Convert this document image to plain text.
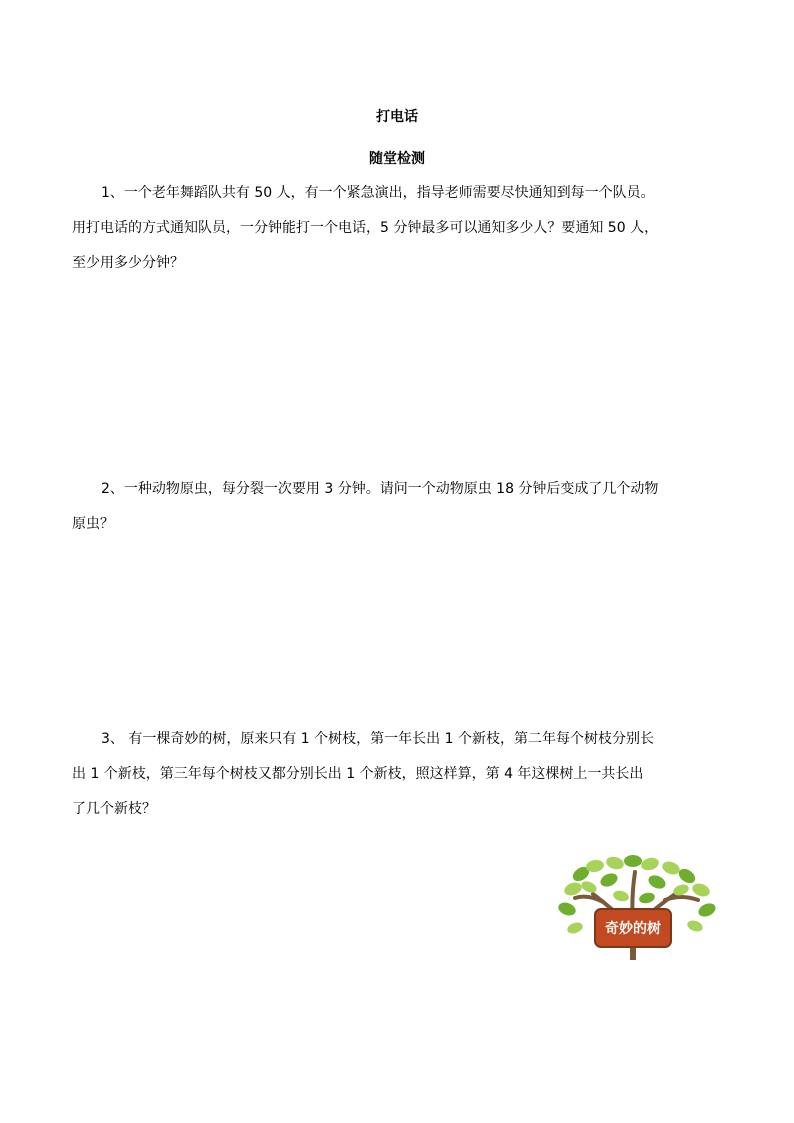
打电话
随堂检测
1、一个老年舞蹈队共有 50 人，有一个紧急演出，指导老师需要尽快通知到每一个队员。
用打电话的方式通知队员，一分钟能打一个电话，5 分钟最多可以通知多少人？要通知 50 人，
至少用多少分钟？
2、一种动物原虫，每分裂一次要用 3 分钟。请问一个动物原虫 18 分钟后变成了几个动物
原虫？
3、 有一棵奇妙的树，原来只有 1 个树枝，第一年长出 1 个新枝，第二年每个树枝分别长
出 1 个新枝，第三年每个树枝又都分别长出 1 个新枝，照这样算，第 4 年这棵树上一共长出
了几个新枝？
奇妙的树
